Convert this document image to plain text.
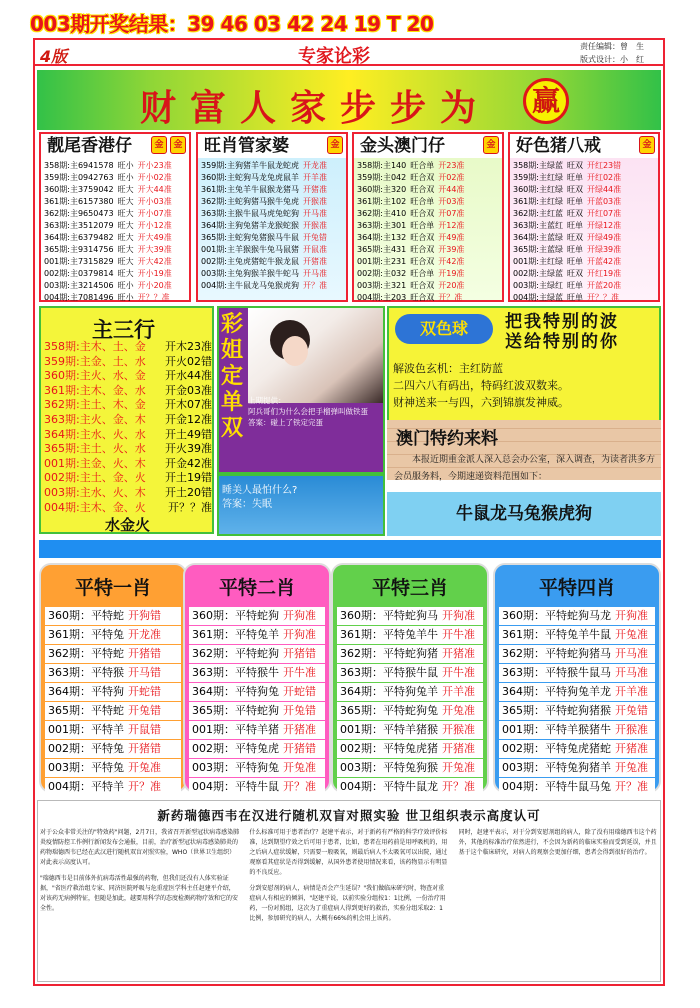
003期开奖结果：39 46 03 42 24 19 T 20
4版	专家论彩	责任编辑：曾　生
版式设计：小　红
财富人家步步为	赢
靓尾香港仔	金	金
358期:主6941578 旺小 开小23准
359期:主0942763 旺小 开小02准
360期:主3759042 旺大 开大44准
361期:主6157380 旺大 开小03准
362期:主9650473 旺大 开小07准
363期:主3512079 旺大 开小12准
364期:主6379482 旺大 开大49准
365期:主9314756 旺大 开大39准
001期:主7315829 旺大 开大42准
002期:主0379814 旺大 开小19准
003期:主3214506 旺小 开小20准
004期:主7081496 旺小 开？？准
旺肖管家婆	金
359期:主狗猪羊牛鼠龙蛇虎 开龙准
360期:主蛇狗马龙兔虎鼠羊 开羊准
361期:主兔羊牛鼠猴龙猪马 开猪准
362期:主蛇狗猪马猴牛兔虎 开猴准
363期:主猴牛鼠马虎兔蛇狗 开马准
364期:主狗兔猪羊龙猴蛇猴 开猴准
365期:主蛇狗兔猪猴马牛鼠 开兔错
001期:主羊猴猴牛兔马鼠猪 开鼠准
002期:主兔虎猪蛇牛猴龙鼠 开猪准
003期:主兔狗猴羊猴牛蛇马 开马准
004期:主牛鼠龙马兔猴虎狗 开？准
金头澳门仔	金
358期:主140 旺合单 开23准
359期:主042 旺合双 开02准
360期:主320 旺合双 开44准
361期:主102 旺合单 开03准
362期:主410 旺合双 开07准
363期:主301 旺合单 开12准
364期:主132 旺合双 开49准
365期:主431 旺合双 开39准
001期:主231 旺合双 开42准
002期:主032 旺合单 开19准
003期:主321 旺合双 开20准
004期:主203 旺合双 开？准
好色猪八戒	金
358期:主绿蓝 旺双 开红23错
359期:主红绿 旺单 开红02准
360期:主红绿 旺双 开绿44准
361期:主红绿 旺单 开蓝03准
362期:主红蓝 旺双 开红07准
363期:主蓝红 旺单 开绿12准
364期:主蓝绿 旺双 开绿49准
365期:主蓝绿 旺单 开绿39准
001期:主红绿 旺单 开蓝42准
002期:主绿蓝 旺双 开红19准
003期:主绿红 旺单 开蓝20准
004期:主绿蓝 旺单 开？？准
主三行
358期:主木、土、金 开木23准
359期:主金、土、水 开火02错
360期:主火、水、金 开水44准
361期:主木、金、水 开金03准
362期:主土、木、金 开木07准
363期:主火、金、木 开金12准
364期:主水、火、水 开土49错
365期:主土、火、水 开火39准
001期:主金、火、木 开金42准
002期:主土、金、火 开土19错
003期:主水、火、木 开土20错
004期:主木、金、火 开？？准
水金火
彩
姐
定
单
双
上期提供：
阿兵哥们为什么会把手榴弹叫做铁蛋
答案：碰上了铁定完蛋
睡美人最怕什么?
答案：失眠
双色球	把我特别的波
送给特别的你
解波色玄机：主红防蓝
二四六八有码出，特码红波双数来。
财神送来一与四，六到锦旗发神威。
澳门特约来料
本报近期重金派人深入总会办公室，深入调查，为读者洪多方会员服务料，今期速递资料范围如下：
牛鼠龙马兔猴虎狗
平特一肖
360期：平特蛇 开狗错
361期：平特兔 开龙准
362期：平特蛇 开猪错
363期：平特猴 开马错
364期：平特狗 开蛇错
365期：平特蛇 开兔错
001期：平特羊 开鼠错
002期：平特兔 开猪错
003期：平特兔 开兔准
004期：平特羊 开？准
平特二肖
360期：平特蛇狗 开狗准
361期：平特兔羊 开狗准
362期：平特蛇狗 开猪错
363期：平特猴牛 开牛准
364期：平特狗兔 开蛇错
365期：平特蛇狗 开兔错
001期：平特羊猪 开猪准
002期：平特兔虎 开猪错
003期：平特狗兔 开兔准
004期：平特牛鼠 开？准
平特三肖
360期：平特蛇狗马 开狗准
361期：平特兔羊牛 开牛准
362期：平特蛇狗猪 开猪准
363期：平特猴牛鼠 开牛准
364期：平特狗兔羊 开羊准
365期：平特蛇狗兔 开兔准
001期：平特羊猪猴 开猴准
002期：平特兔虎猪 开猪准
003期：平特兔狗猴 开兔准
004期：平特牛鼠龙 开？准
平特四肖
360期：平特蛇狗马龙 开狗准
361期：平特兔羊牛鼠 开兔准
362期：平特蛇狗猪马 开马准
363期：平特猴牛鼠马 开马准
364期：平特狗兔羊龙 开羊准
365期：平特蛇狗猪猴 开兔错
001期：平特羊猴猪牛 开猴准
002期：平特兔虎猪蛇 开猪准
003期：平特兔狗猪羊 开兔准
004期：平特牛鼠马兔 开？准
新药瑞德西韦在汉进行随机双盲对照实验 世卫组织表示高度认可

对于公众非常关注的"特效药"问题，2月7日，我省召开新型冠状病毒感染肺炎疫情防控工作例行新闻发布会通报，目前，治疗新型冠状病毒感染肺炎的药物瑞德西韦已经在武汉进行随机双盲对照实验，WHO（世界卫生组织）对此表示高度认可。

"瑞德西韦是目前体外抗病毒活性最强的药物，但我们还没有人体实验证据，"省医疗救治组专家、同济医院呼吸与危重症医学科主任赵建平介绍，对该药无病例特征，但随是加此，越要用科学的态度检测药物疗效和它的安全性。

什么标准可用于患者治疗？赵建平表示，对于新药有严格的科学疗效评价标准，达到期望疗效之后可用于患者，比如，患者在用药前是用呼吸机的，用之后病人症状缓解，只需要一般吸氧，则最后病人不太吸氧可以出院，通过观察看其症状是否得到缓解，从国外患者使用情况来看，该药物显示有明显的不良反应。

分到安慰剂的病人，病情是否会产生延误？"我们做临床研究时，物查对重症病人有相应的倾斜，"赵建平说，以前实验分组按1：1比例，一份治疗用药，一份对照组，这次为了重症病人得到更好的救治，实验分组采取2：1比例，参加研究的病人，大概有66%的机会用上该药。

同时，赵建平表示，对于分到安慰剂组的病人，除了没有用瑞德西韦这个药外，其他的标准治疗依然进行，不会因为新药的临床实验而受到延误，并且基于这个临床研究，对病人的观察会更加仔细，患者会得到很好的治疗。
